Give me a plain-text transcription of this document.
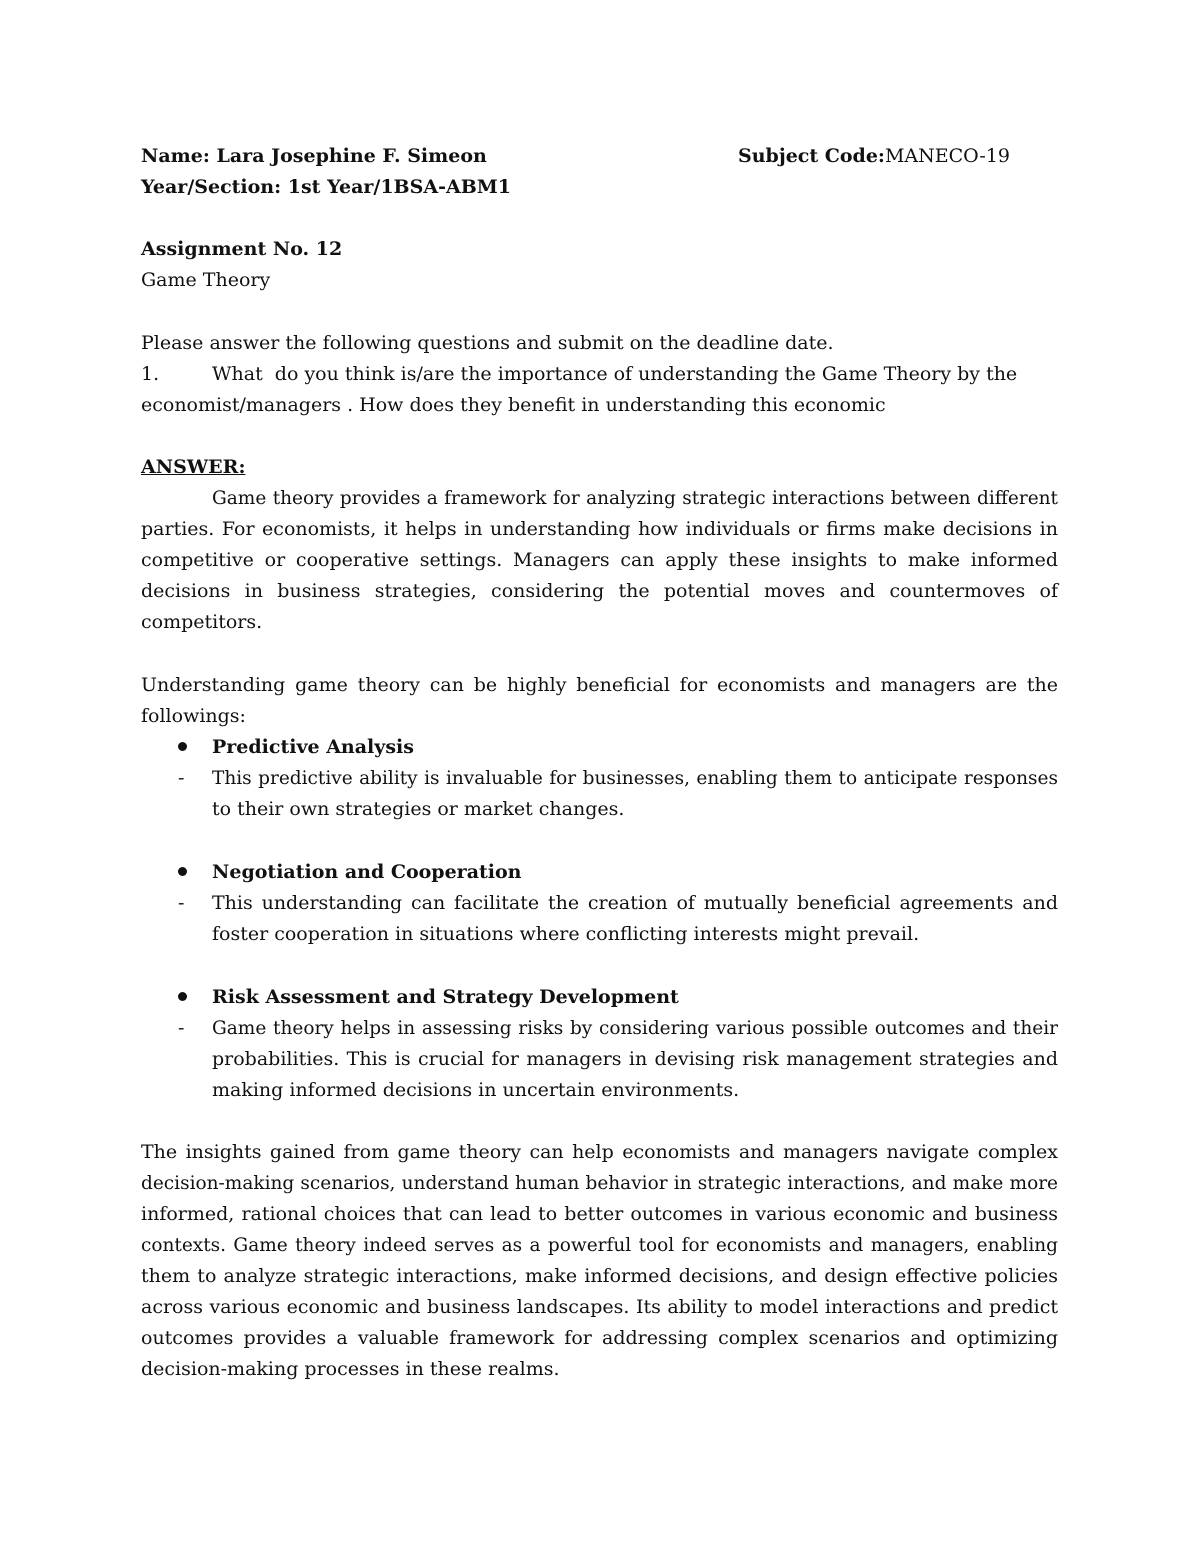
Name: Lara Josephine F. Simeon	Subject Code:MANECO-19
Year/Section: 1st Year/1BSA-ABM1
Assignment No. 12
Game Theory
Please answer the following questions and submit on the deadline date.
1.	What  do you think is/are the importance of understanding the Game Theory by the
economist/managers . How does they benefit in understanding this economic
ANSWER:
Game theory provides a framework for analyzing strategic interactions between different
parties. For economists, it helps in understanding how individuals or firms make decisions in
competitive or cooperative settings. Managers can apply these insights to make informed
decisions in business strategies, considering the potential moves and countermoves of
competitors.
Understanding game theory can be highly beneficial for economists and managers are the
followings:
Predictive Analysis
- This predictive ability is invaluable for businesses, enabling them to anticipate responses
to their own strategies or market changes.
Negotiation and Cooperation
- This understanding can facilitate the creation of mutually beneficial agreements and
foster cooperation in situations where conflicting interests might prevail.
Risk Assessment and Strategy Development
- Game theory helps in assessing risks by considering various possible outcomes and their
probabilities. This is crucial for managers in devising risk management strategies and
making informed decisions in uncertain environments.
The insights gained from game theory can help economists and managers navigate complex
decision-making scenarios, understand human behavior in strategic interactions, and make more
informed, rational choices that can lead to better outcomes in various economic and business
contexts. Game theory indeed serves as a powerful tool for economists and managers, enabling
them to analyze strategic interactions, make informed decisions, and design effective policies
across various economic and business landscapes. Its ability to model interactions and predict
outcomes provides a valuable framework for addressing complex scenarios and optimizing
decision-making processes in these realms.
